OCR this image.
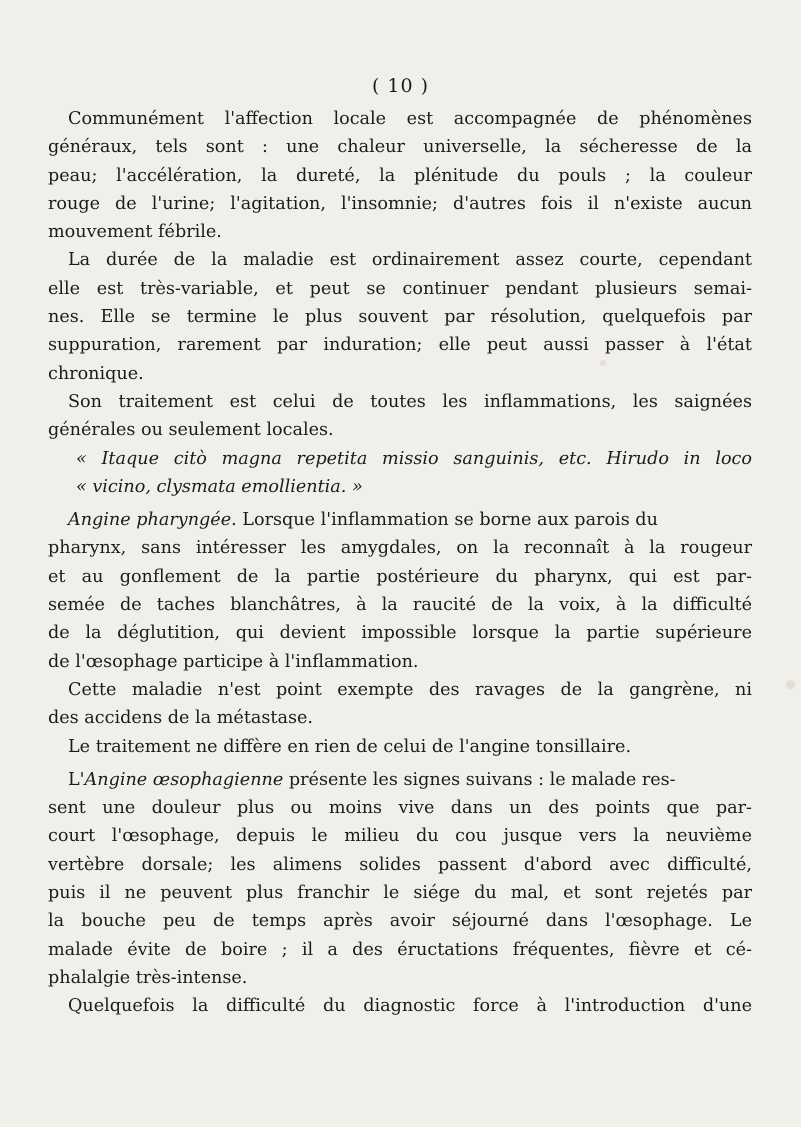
( 10 )
Communément l'affection locale est accompagnée de phénomènes
généraux, tels sont : une chaleur universelle, la sécheresse de la
peau; l'accélération, la dureté, la plénitude du pouls ; la couleur
rouge de l'urine; l'agitation, l'insomnie; d'autres fois il n'existe aucun
mouvement fébrile.
La durée de la maladie est ordinairement assez courte, cependant
elle est très-variable, et peut se continuer pendant plusieurs semai-
nes. Elle se termine le plus souvent par résolution, quelquefois par
suppuration, rarement par induration; elle peut aussi passer à l'état
chronique.
Son traitement est celui de toutes les inflammations, les saignées
générales ou seulement locales.
« Itaque citò magna repetita missio sanguinis, etc. Hirudo in loco
« vicino, clysmata emollientia. »
Angine pharyngée. Lorsque l'inflammation se borne aux parois du
pharynx, sans intéresser les amygdales, on la reconnaît à la rougeur
et au gonflement de la partie postérieure du pharynx, qui est par-
semée de taches blanchâtres, à la raucité de la voix, à la difficulté
de la déglutition, qui devient impossible lorsque la partie supérieure
de l'œsophage participe à l'inflammation.
Cette maladie n'est point exempte des ravages de la gangrène, ni
des accidens de la métastase.
Le traitement ne diffère en rien de celui de l'angine tonsillaire.
L'Angine œsophagienne présente les signes suivans : le malade res-
sent une douleur plus ou moins vive dans un des points que par-
court l'œsophage, depuis le milieu du cou jusque vers la neuvième
vertèbre dorsale; les alimens solides passent d'abord avec difficulté,
puis il ne peuvent plus franchir le siége du mal, et sont rejetés par
la bouche peu de temps après avoir séjourné dans l'œsophage. Le
malade évite de boire ; il a des éructations fréquentes, fièvre et cé-
phalalgie très-intense.
Quelquefois la difficulté du diagnostic force à l'introduction d'une
